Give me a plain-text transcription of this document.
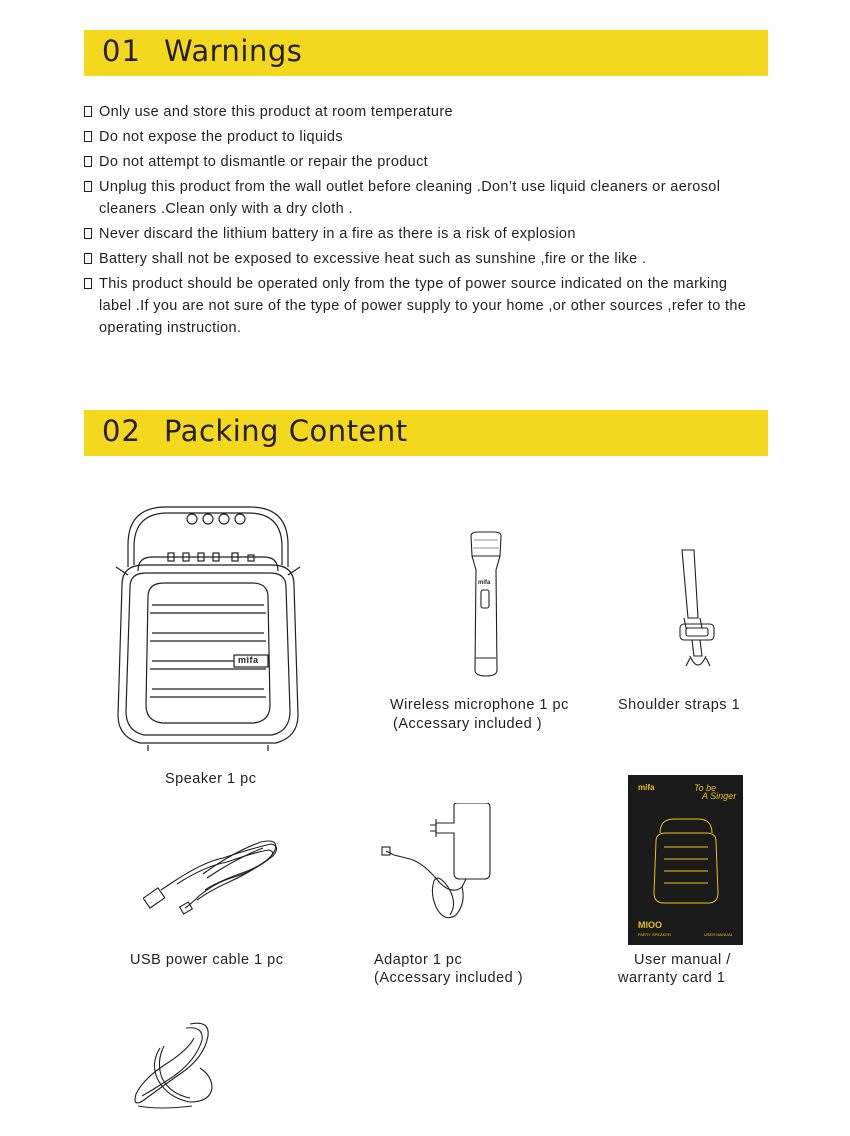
01 Warnings
Only use and store this product at room temperature
Do not expose the product to liquids
Do not attempt to dismantle or repair the product
Unplug this product from the wall outlet before cleaning .Don’t use liquid cleaners or aerosol cleaners .Clean only with a dry cloth .
Never discard the lithium battery in a fire as there is a risk of explosion
Battery shall not be exposed to excessive heat such as sunshine ,fire or the like .
This product should be operated only from the type of power source indicated on the marking label .If you are not sure of the type of power supply to your home ,or other sources ,refer to the operating instruction.
02 Packing Content
mifa
Speaker 1 pc
mifa
Wireless microphone 1 pc
(Accessary included )
Shoulder straps 1
USB power cable 1 pc	Adaptor 1 pc
(Accessary included )
mifa	To be
A Singer
MIOO
PARTY SPEAKER	USER MANUAL
User manual /
warranty card 1
